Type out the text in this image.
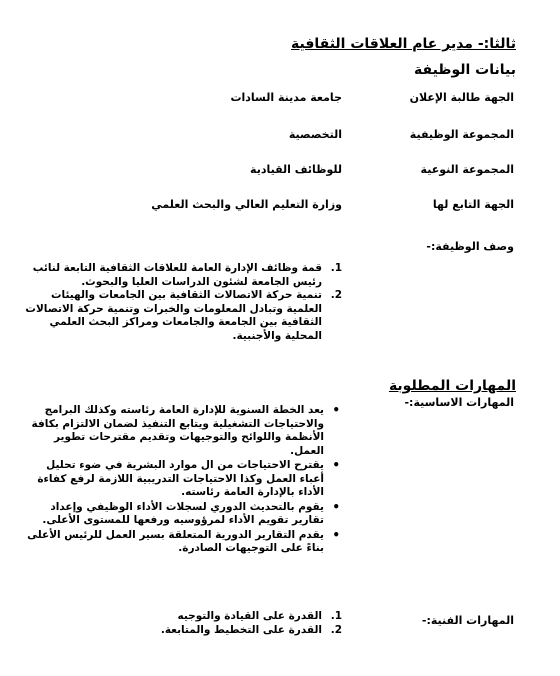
ثالثا:- مدير عام العلاقات الثقافية
بيانات الوظيفة
الجهة طالبة الإعلان
جامعة مدينة السادات
المجموعة الوظيفية
التخصصية
المجموعة النوعية
للوظائف القيادية
الجهة التابع لها
وزارة التعليم العالي والبحث العلمي
وصف الوظيفة:-
1.
قمة وظائف الإدارة العامة للعلاقات الثقافية التابعة لنائب رئيس الجامعة لشئون الدراسات العليا والبحوث.
2.
تنمية حركة الاتصالات الثقافية بين الجامعات والهيئات العلمية وتبادل المعلومات والخبرات وتنمية حركة الاتصالات الثقافية بين الجامعة والجامعات ومراكز البحث العلمي المحلية والأجنبية.
المهارات المطلوبة
المهارات الاساسية:-
• يعد الخطة السنوية للإدارة العامة رئاسته وكذلك البرامج والاحتياجات التشغيلية ويتابع التنفيذ لضمان الالتزام بكافة الأنظمة واللوائح والتوجيهات وتقديم مقترحات تطوير العمل.
• يقترح الاحتياجات من ال موارد البشرية في ضوء تحليل أعباء العمل وكذا الاحتياجات التدريبية اللازمة لرفع كفاءة الأداء بالإدارة العامة رئاسته.
• يقوم بالتحديث الدوري لسجلات الأداء الوظيفي وإعداد تقارير تقويم الأداء لمرؤوسيه ورفعها للمستوى الأعلى.
• يقدم التقارير الدورية المتعلقة بسير العمل للرئيس الأعلى بناءً على التوجيهات الصادرة.
المهارات الفنية:-
1.
القدرة على القيادة والتوجيه
2.
القدرة على التخطيط والمتابعة.
